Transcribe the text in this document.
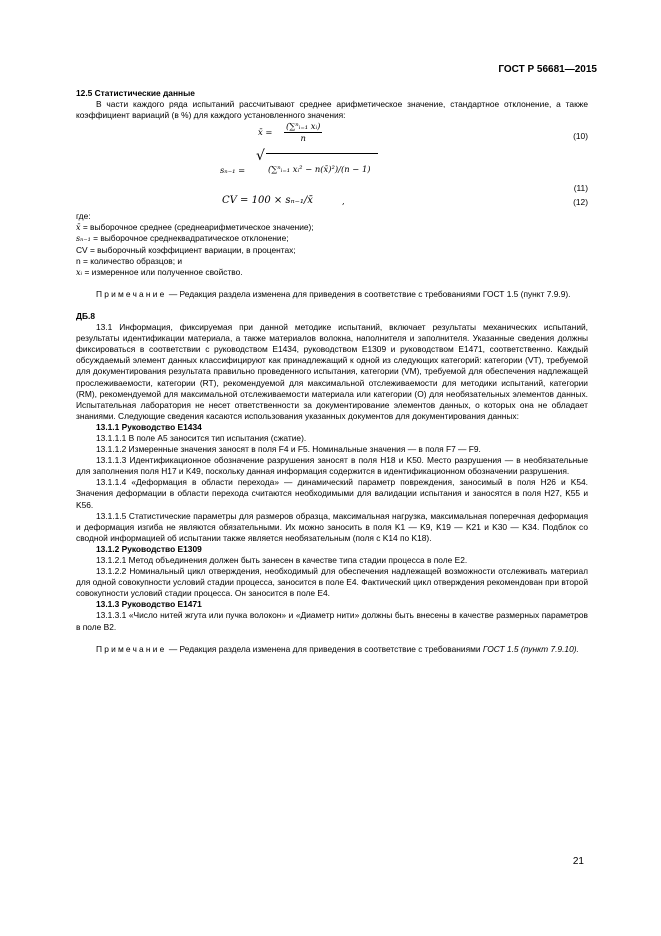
ГОСТ Р 56681—2015

12.5 Статистические данные

В части каждого ряда испытаний рассчитывают среднее арифметическое значение, стандартное отклонение, а также коэффициент вариаций (в %) для каждого установленного значения:

x̄ = $\frac{\text{(∑ⁿᵢ₌₁ xᵢ)}}{n}$	(10)
sₙ₋₁ =
√
(∑ⁿᵢ₌₁ xᵢ² − n(x̄)²)/(n − 1)
(11)
CV = 100 × sₙ₋₁/x̄	,	(12)

где:

x̄ = выборочное среднее (среднеарифметическое значение);
sₙ₋₁ = выборочное среднеквадратическое отклонение;
CV = выборочный коэффициент вариации, в процентах;
n = количество образцов; и
xᵢ = измеренное или полученное свойство.

Примечание — Редакция раздела изменена для приведения в соответствие с требованиями ГОСТ 1.5 (пункт 7.9.9).

ДБ.8

13.1 Информация, фиксируемая при данной методике испытаний, включает результаты механических испытаний, результаты идентификации материала, а также материалов волокна, наполнителя и заполнителя. Указанные сведения должны фиксироваться в соответствии с руководством E1434, руководством E1309 и руководством E1471, соответственно. Каждый обсуждаемый элемент данных классифицируют как принадлежащий к одной из следующих категорий: категории (VT), требуемой для документирования результата правильно проведенного испытания, категории (VM), требуемой для обеспечения надлежащей прослеживаемости, категории (RT), рекомендуемой для максимальной отслеживаемости для методики испытаний, категории (RM), рекомендуемой для максимальной отслеживаемости материала или категории (O) для необязательных элементов данных. Испытательная лаборатория не несет ответственности за документирование элементов данных, о которых она не обладает знаниями. Следующие сведения касаются использования указанных документов для документирования данных:

13.1.1 Руководство E1434

13.1.1.1 В поле A5 заносится тип испытания (сжатие).

13.1.1.2 Измеренные значения заносят в поля F4 и F5. Номинальные значения — в поля F7 — F9.

13.1.1.3 Идентификационное обозначение разрушения заносят в поля H18 и K50. Место разрушения — в необязательные для заполнения поля H17 и K49, поскольку данная информация содержится в идентификационном обозначении разрушения.

13.1.1.4 «Деформация в области перехода» — динамический параметр повреждения, заносимый в поля H26 и K54. Значения деформации в области перехода считаются необходимыми для валидации испытания и заносятся в поля H27, K55 и K56.

13.1.1.5 Статистические параметры для размеров образца, максимальная нагрузка, максимальная поперечная деформация и деформация изгиба не являются обязательными. Их можно заносить в поля K1 — K9, K19 — K21 и K30 — K34. Подблок со сводной информацией об испытании также является необязательным (поля с K14 по K18).

13.1.2 Руководство E1309

13.1.2.1 Метод объединения должен быть занесен в качестве типа стадии процесса в поле E2.

13.1.2.2 Номинальный цикл отверждения, необходимый для обеспечения надлежащей возможности отслеживать материал для одной совокупности условий стадии процесса, заносится в поле E4. Фактический цикл отверждения рекомендован при второй совокупности условий стадии процесса. Он заносится в поле E4.

13.1.3 Руководство E1471

13.1.3.1 «Число нитей жгута или пучка волокон» и «Диаметр нити» должны быть внесены в качестве размерных параметров в поле B2.

Примечание — Редакция раздела изменена для приведения в соответствие с требованиями ГОСТ 1.5 (пункт 7.9.10).

21
